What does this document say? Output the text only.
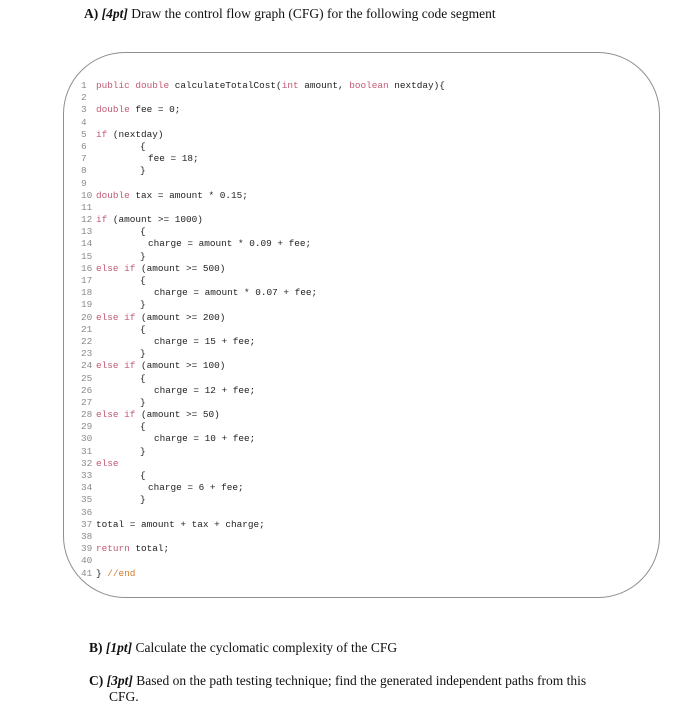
A) [4pt] Draw the control flow graph (CFG) for the following code segment
1 public double calculateTotalCost(int amount, boolean nextday){
2
3 double fee = 0;
4
5 if (nextday)
6	{
7	fee = 18;
8	}
9
10 double tax = amount * 0.15;
11
12 if (amount >= 1000)
13	{
14	charge = amount * 0.09 + fee;
15	}
16 else if (amount >= 500)
17	{
18	charge = amount * 0.07 + fee;
19	}
20 else if (amount >= 200)
21	{
22	charge = 15 + fee;
23	}
24 else if (amount >= 100)
25	{
26	charge = 12 + fee;
27	}
28 else if (amount >= 50)
29	{
30	charge = 10 + fee;
31	}
32 else
33	{
34	charge = 6 + fee;
35	}
36
37 total = amount + tax + charge;
38
39 return total;
40
41 } //end
B) [1pt] Calculate the cyclomatic complexity of the CFG
C) [3pt] Based on the path testing technique; find the generated independent paths from this
CFG.
